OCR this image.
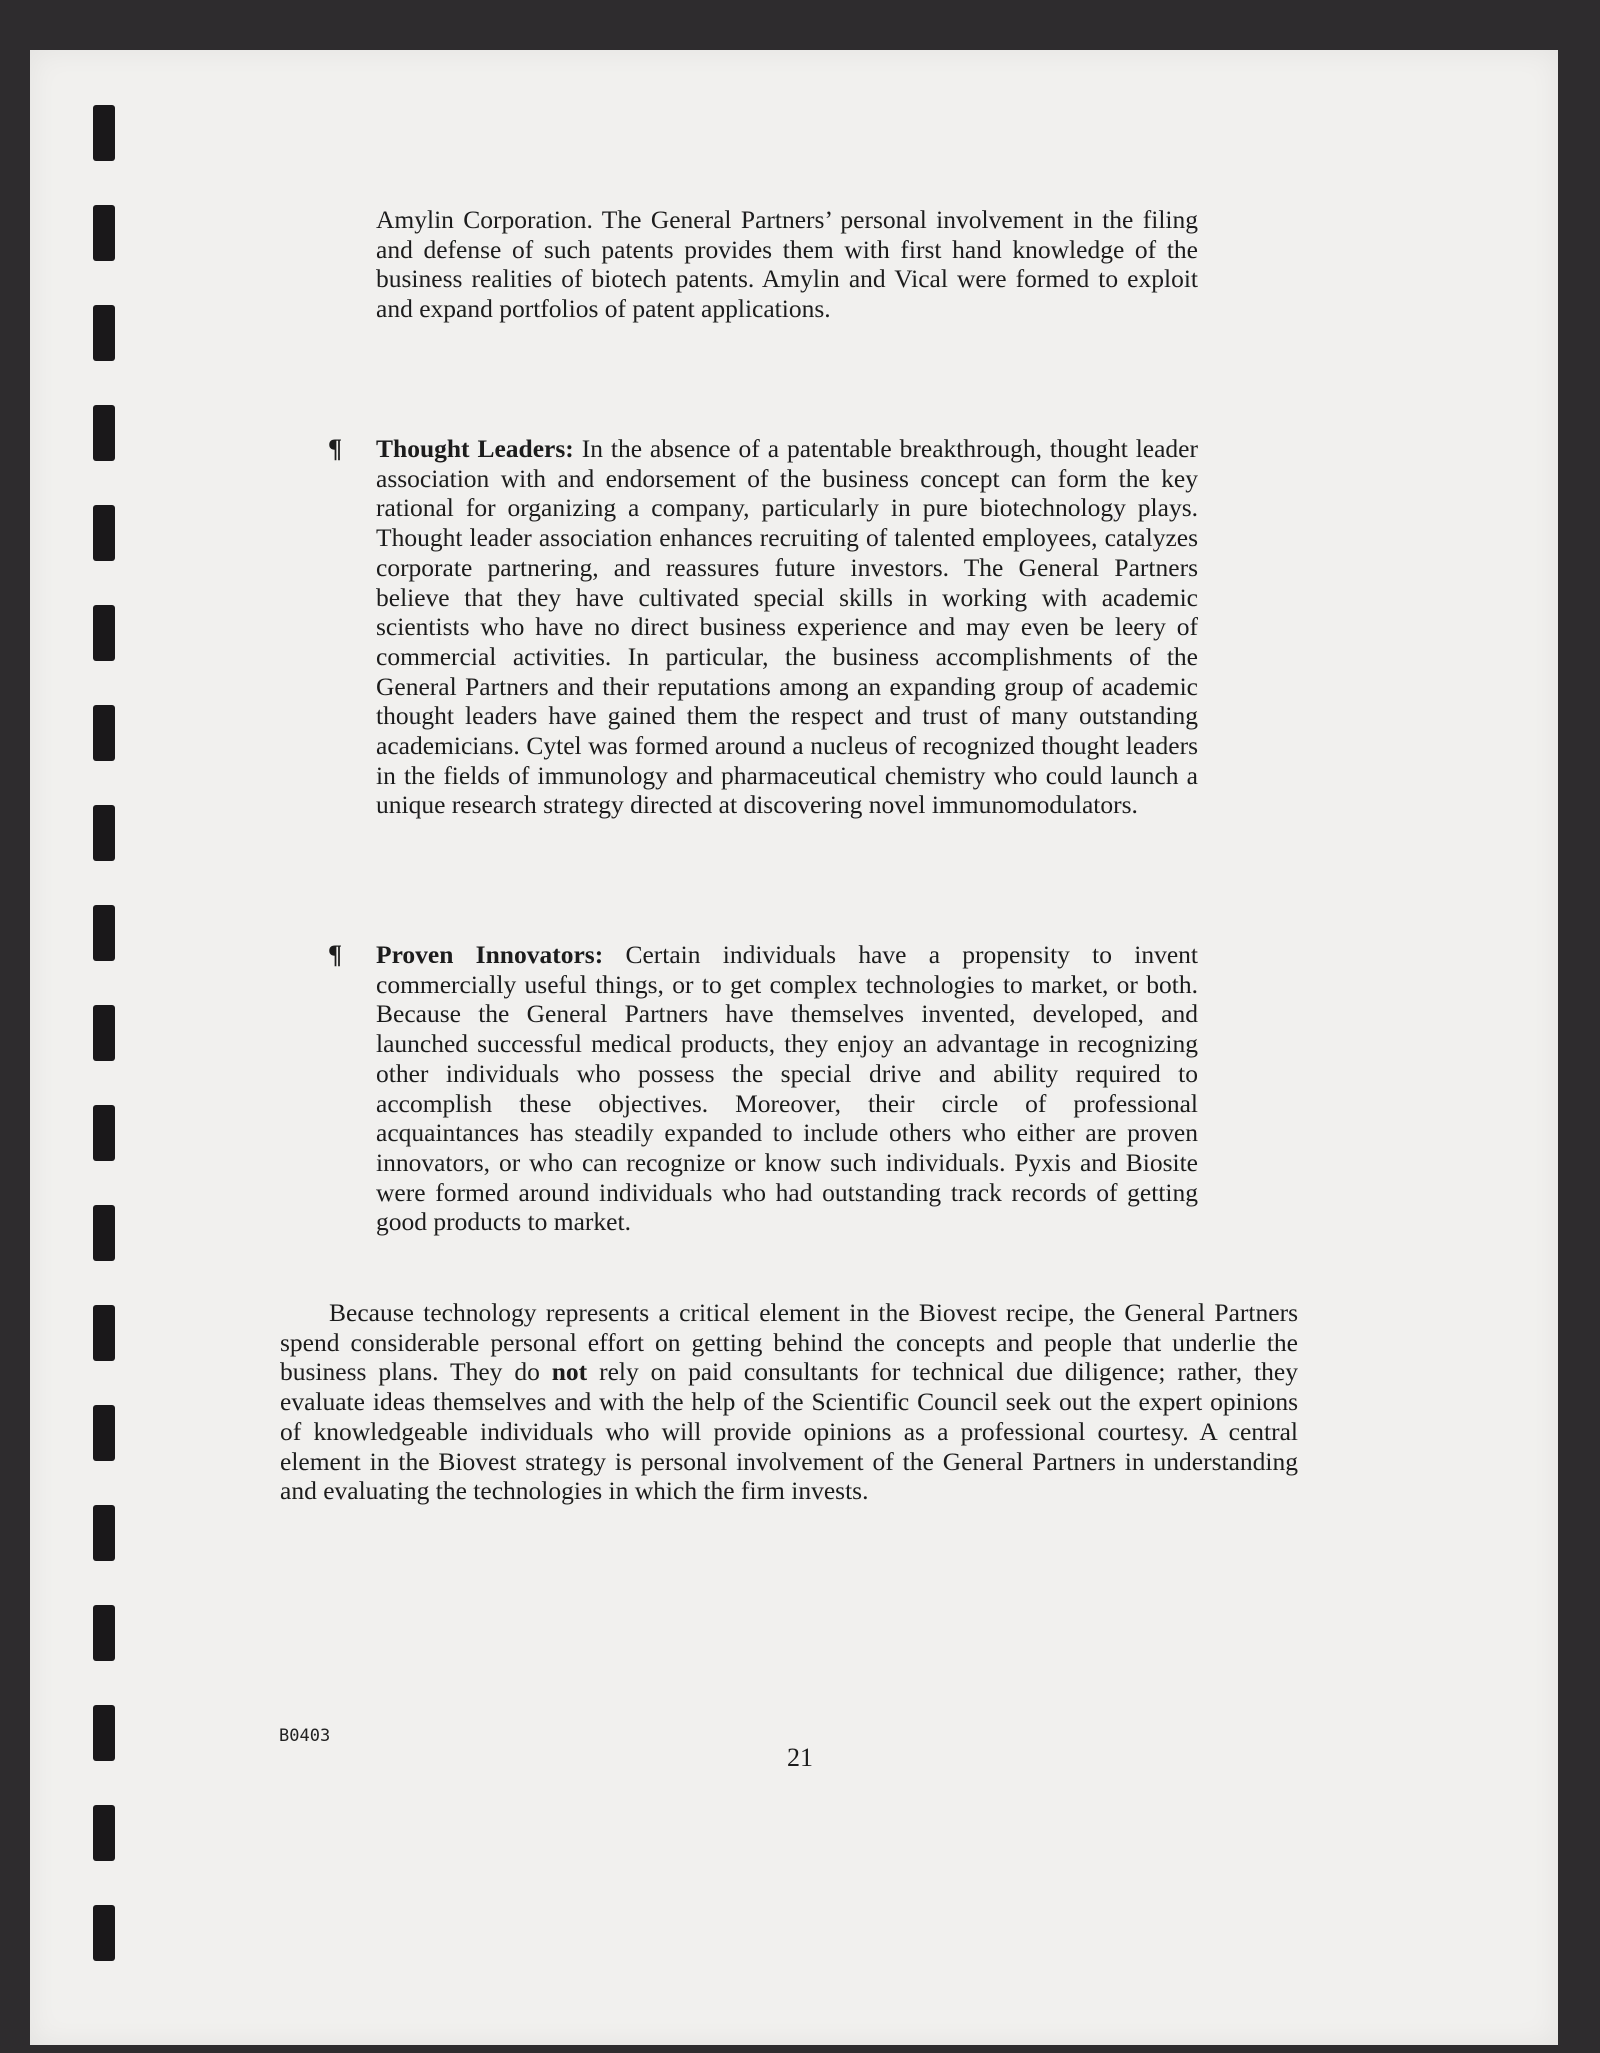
Amylin Corporation. The General Partners’ personal involvement in the filing and defense of such patents provides them with first hand knowledge of the business realities of biotech patents. Amylin and Vical were formed to exploit and expand portfolios of patent applications.

¶ Thought Leaders: In the absence of a patentable breakthrough, thought leader association with and endorsement of the business concept can form the key rational for organizing a company, particularly in pure biotechnology plays. Thought leader association enhances recruiting of talented employees, catalyzes corporate partnering, and reassures future investors. The General Partners believe that they have cultivated special skills in working with academic scientists who have no direct business experience and may even be leery of commercial activities. In particular, the business accomplishments of the General Partners and their reputations among an expanding group of academic thought leaders have gained them the respect and trust of many outstanding academicians. Cytel was formed around a nucleus of recognized thought leaders in the fields of immunology and pharmaceutical chemistry who could launch a unique research strategy directed at discovering novel immunomodulators.
¶ Proven Innovators: Certain individuals have a propensity to invent commercially useful things, or to get complex technologies to market, or both. Because the General Partners have themselves invented, developed, and launched successful medical products, they enjoy an advantage in recognizing other individuals who possess the special drive and ability required to accomplish these objectives. Moreover, their circle of professional acquaintances has steadily expanded to include others who either are proven innovators, or who can recognize or know such individuals. Pyxis and Biosite were formed around individuals who had outstanding track records of getting good products to market.

Because technology represents a critical element in the Biovest recipe, the General Partners spend considerable personal effort on getting behind the concepts and people that underlie the business plans. They do not rely on paid consultants for technical due diligence; rather, they evaluate ideas themselves and with the help of the Scientific Council seek out the expert opinions of knowledgeable individuals who will provide opinions as a professional courtesy. A central element in the Biovest strategy is personal involvement of the General Partners in understanding and evaluating the technologies in which the firm invests.

B0403
21
